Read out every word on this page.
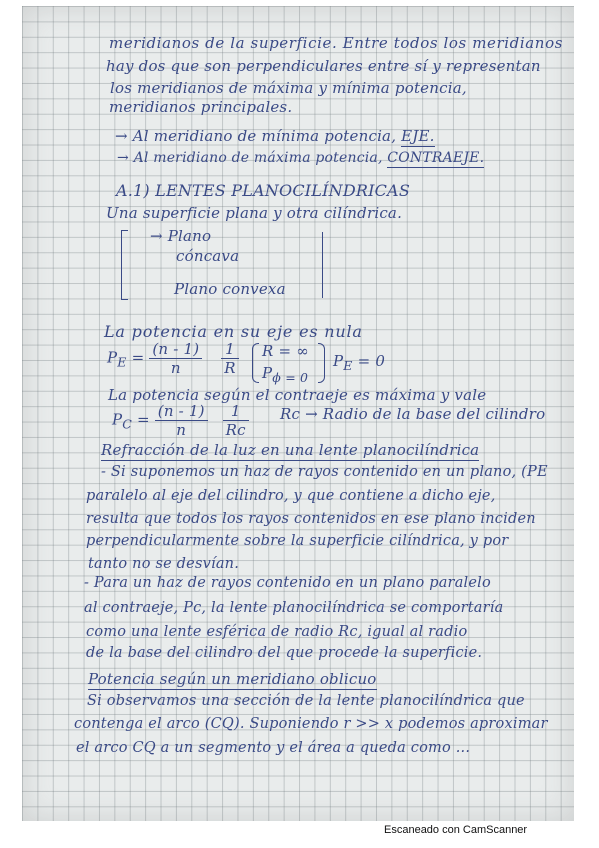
meridianos de la superficie. Entre todos los meridianos
hay dos que son perpendiculares entre sí y representan
los meridianos de máxima y mínima potencia,
meridianos principales.
→ Al meridiano de mínima potencia, EJE.
→ Al meridiano de máxima potencia, CONTRAEJE.
A.1) LENTES PLANOCILÍNDRICAS
Una superficie plana y otra cilíndrica.
→ Plano
cóncava
Plano convexa
La potencia en su eje es nula
$P_E = \frac{(n - 1)}{n}$
$\frac{1}{R}$ R = ∞
$P_{\phi = 0}$
$P_E = 0$
La potencia según el contraeje es máxima y vale
$P_C = \frac{(n - 1)}{n}$
$\frac{1}{Rc}$ Rc → Radio de la base del cilindro
Refracción de la luz en una lente planocilíndrica
- Si suponemos un haz de rayos contenido en un plano, (PE
paralelo al eje del cilindro, y que contiene a dicho eje,
resulta que todos los rayos contenidos en ese plano inciden
perpendicularmente sobre la superficie cilíndrica, y por
tanto no se desvían.
- Para un haz de rayos contenido en un plano paralelo
al contraeje, Pc, la lente planocilíndrica se comportaría
como una lente esférica de radio Rc, igual al radio
de la base del cilindro del que procede la superficie.
Potencia según un meridiano oblicuo
Si observamos una sección de la lente planocilíndrica que
contenga el arco (CQ). Suponiendo r >> x podemos aproximar
el arco CQ a un segmento y el área a queda como ...
Escaneado con CamScanner
